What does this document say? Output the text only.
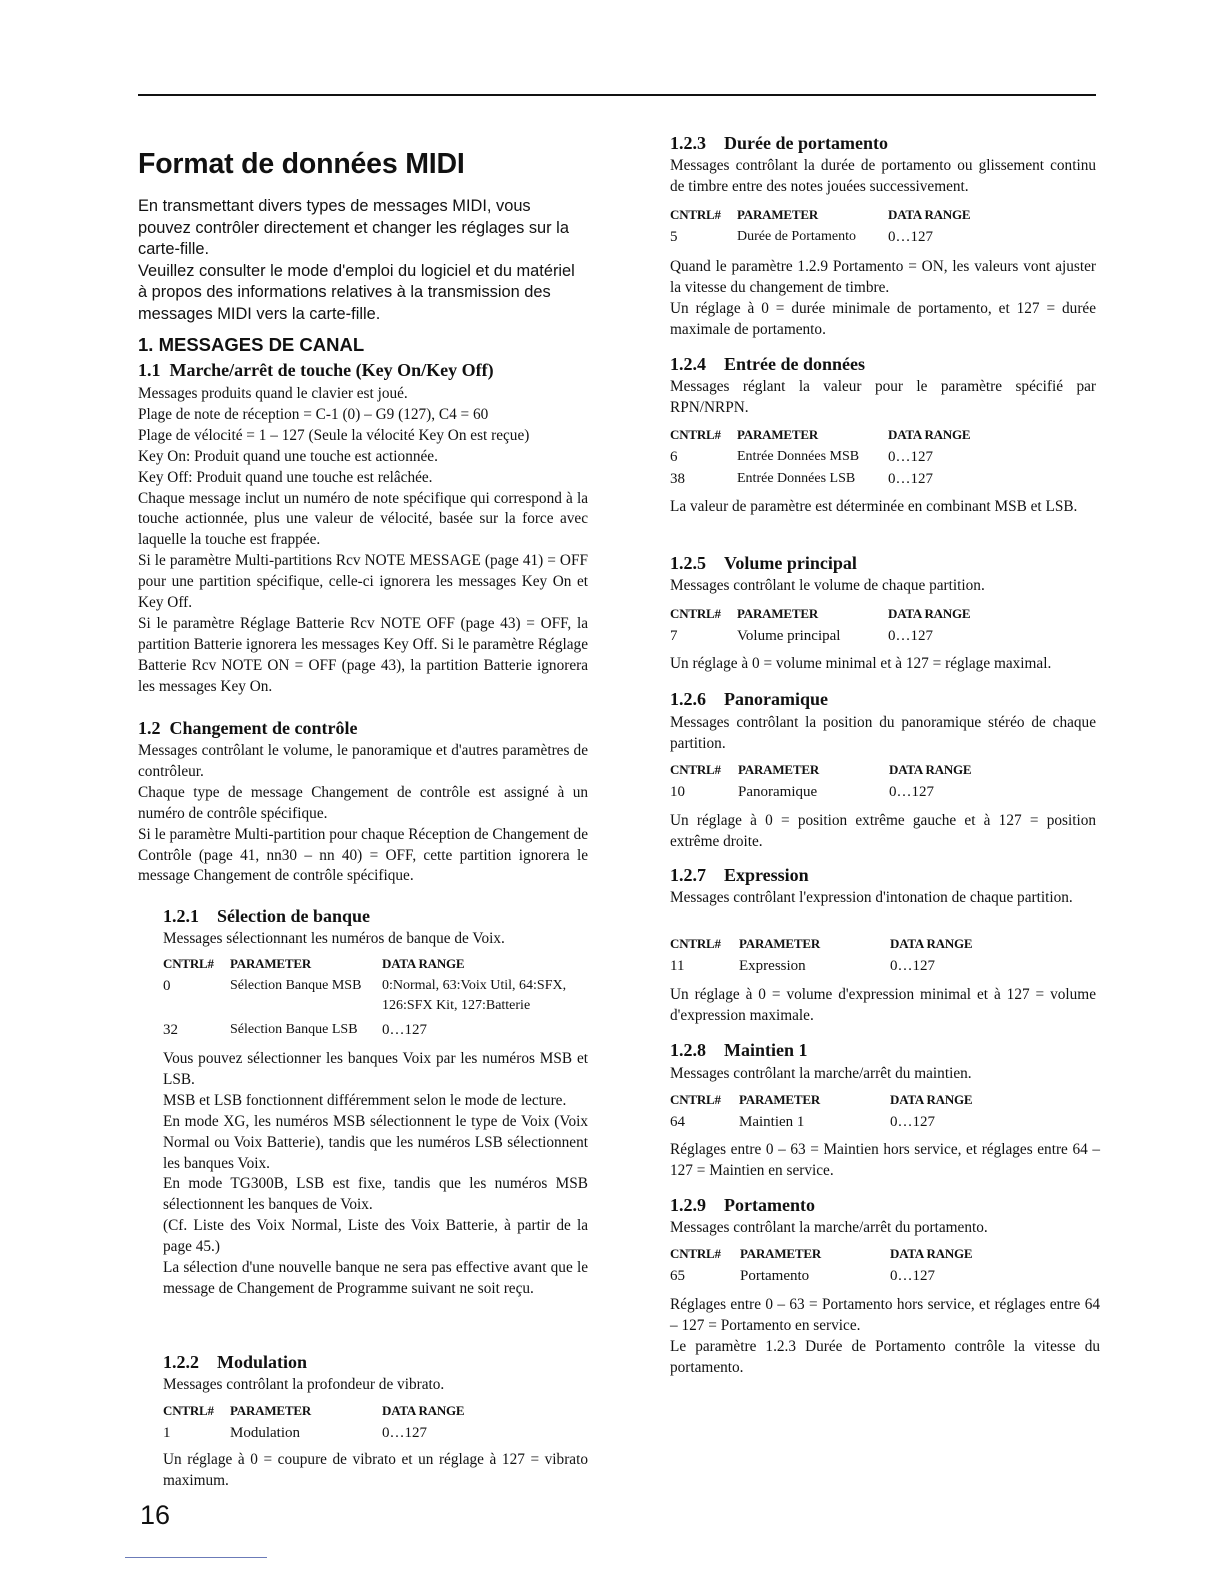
Format de données MIDI

En transmettant divers types de messages MIDI, vous pouvez contrôler directement et changer les réglages sur la carte-fille.

Veuillez consulter le mode d'emploi du logiciel et du matériel à propos des informations relatives à la transmission des messages MIDI vers la carte-fille.

1. MESSAGES DE CANAL
1.1 Marche/arrêt de touche (Key On/Key Off)

Messages produits quand le clavier est joué.

Plage de note de réception = C-1 (0) – G9 (127), C4 = 60

Plage de vélocité = 1 – 127 (Seule la vélocité Key On est reçue)

Key On: Produit quand une touche est actionnée.

Key Off: Produit quand une touche est relâchée.

Chaque message inclut un numéro de note spécifique qui correspond à la touche actionnée, plus une valeur de vélocité, basée sur la force avec laquelle la touche est frappée.

Si le paramètre Multi-partitions Rcv NOTE MESSAGE (page 41) = OFF pour une partition spécifique, celle-ci ignorera les messages Key On et Key Off.

Si le paramètre Réglage Batterie Rcv NOTE OFF (page 43) = OFF, la partition Batterie ignorera les messages Key Off. Si le paramètre Réglage Batterie Rcv NOTE ON = OFF (page 43), la partition Batterie ignorera les messages Key On.

1.2 Changement de contrôle

Messages contrôlant le volume, le panoramique et d'autres paramètres de contrôleur.

Chaque type de message Changement de contrôle est assigné à un numéro de contrôle spécifique.

Si le paramètre Multi-partition pour chaque Réception de Changement de Contrôle (page 41, nn30 – nn 40) = OFF, cette partition ignorera le message Changement de contrôle spécifique.

1.2.1 Sélection de banque
Messages sélectionnant les numéros de banque de Voix.
CNTRL# PARAMETER	DATA RANGE
0	Sélection Banque MSB 0:Normal, 63:Voix Util, 64:SFX,
126:SFX Kit, 127:Batterie
32	Sélection Banque LSB 0…127

Vous pouvez sélectionner les banques Voix par les numéros MSB et LSB.

MSB et LSB fonctionnent différemment selon le mode de lecture.

En mode XG, les numéros MSB sélectionnent le type de Voix (Voix Normal ou Voix Batterie), tandis que les numéros LSB sélectionnent les banques Voix.

En mode TG300B, LSB est fixe, tandis que les numéros MSB sélectionnent les banques de Voix.

(Cf. Liste des Voix Normal, Liste des Voix Batterie, à partir de la page 45.)

La sélection d'une nouvelle banque ne sera pas effective avant que le message de Changement de Programme suivant ne soit reçu.

1.2.2 Modulation
Messages contrôlant la profondeur de vibrato.
CNTRL# PARAMETER	DATA RANGE
1	Modulation	0…127
Un réglage à 0 = coupure de vibrato et un réglage à 127 = vibrato maximum.
16
1.2.3 Durée de portamento
Messages contrôlant la durée de portamento ou glissement continu de timbre entre des notes jouées successivement.
CNTRL# PARAMETER	DATA RANGE
5	Durée de Portamento 0…127

Quand le paramètre 1.2.9 Portamento = ON, les valeurs vont ajuster la vitesse du changement de timbre.

Un réglage à 0 = durée minimale de portamento, et 127 = durée maximale de portamento.

1.2.4 Entrée de données
Messages réglant la valeur pour le paramètre spécifié par RPN/NRPN.
CNTRL# PARAMETER	DATA RANGE
6	Entrée Données MSB 0…127
38	Entrée Données LSB 0…127
La valeur de paramètre est déterminée en combinant MSB et LSB.
1.2.5 Volume principal
Messages contrôlant le volume de chaque partition.
CNTRL# PARAMETER	DATA RANGE
7	Volume principal	0…127
Un réglage à 0 = volume minimal et à 127 = réglage maximal.
1.2.6 Panoramique
Messages contrôlant la position du panoramique stéréo de chaque partition.
CNTRL# PARAMETER	DATA RANGE
10	Panoramique	0…127
Un réglage à 0 = position extrême gauche et à 127 = position extrême droite.
1.2.7 Expression
Messages contrôlant l'expression d'intonation de chaque partition.
CNTRL# PARAMETER	DATA RANGE
11	Expression	0…127
Un réglage à 0 = volume d'expression minimal et à 127 = volume d'expression maximale.
1.2.8 Maintien 1
Messages contrôlant la marche/arrêt du maintien.
CNTRL# PARAMETER	DATA RANGE
64	Maintien 1	0…127
Réglages entre 0 – 63 = Maintien hors service, et réglages entre 64 – 127 = Maintien en service.
1.2.9 Portamento
Messages contrôlant la marche/arrêt du portamento.
CNTRL# PARAMETER	DATA RANGE
65	Portamento	0…127

Réglages entre 0 – 63 = Portamento hors service, et réglages entre 64 – 127 = Portamento en service.

Le paramètre 1.2.3 Durée de Portamento contrôle la vitesse du portamento.
